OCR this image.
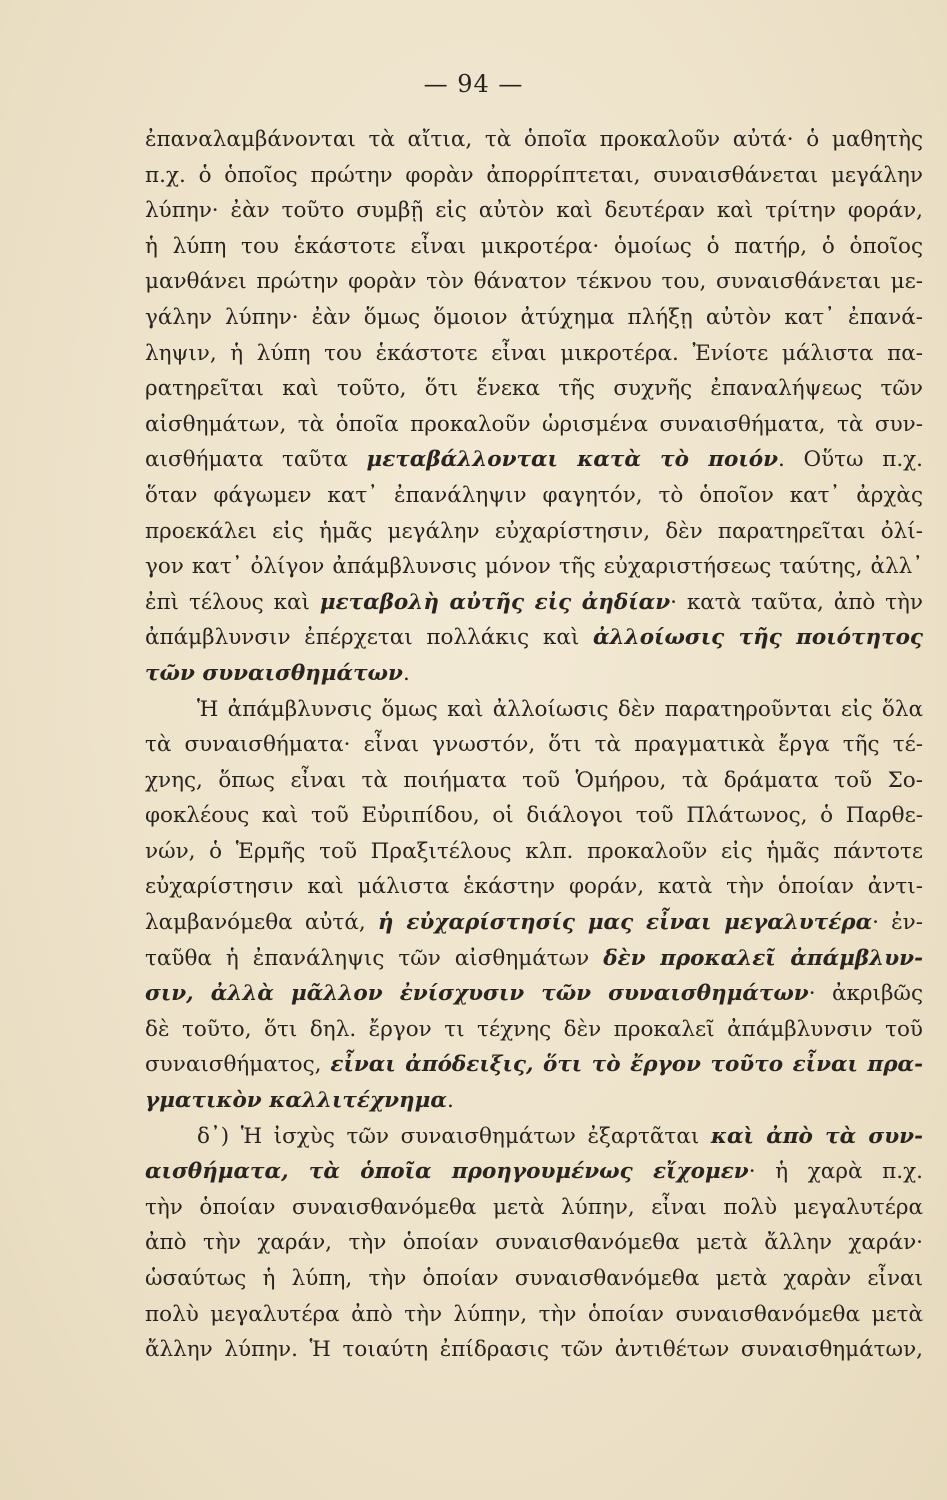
— 94 —
ἐπαναλαμβάνονται τὰ αἴτια, τὰ ὁποῖα προκαλοῦν αὐτά· ὁ μαθητὴς
π.χ. ὁ ὁποῖος πρώτην φορὰν ἀπορρίπτεται, συναισθάνεται μεγάλην
λύπην· ἐὰν τοῦτο συμβῇ εἰς αὐτὸν καὶ δευτέραν καὶ τρίτην φοράν,
ἡ λύπη του ἑκάστοτε εἶναι μικροτέρα· ὁμοίως ὁ πατήρ, ὁ ὁποῖος
μανθάνει πρώτην φορὰν τὸν θάνατον τέκνου του, συναισθάνεται με-
γάλην λύπην· ἐὰν ὅμως ὅμοιον ἀτύχημα πλήξῃ αὐτὸν κατ᾽ ἐπανά-
ληψιν, ἡ λύπη του ἑκάστοτε εἶναι μικροτέρα. Ἐνίοτε μάλιστα πα-
ρατηρεῖται καὶ τοῦτο, ὅτι ἕνεκα τῆς συχνῆς ἐπαναλήψεως τῶν
αἰσθημάτων, τὰ ὁποῖα προκαλοῦν ὡρισμένα συναισθήματα, τὰ συν-
αισθήματα ταῦτα μεταβάλλονται κατὰ τὸ ποιόν. Οὕτω π.χ.
ὅταν φάγωμεν κατ᾽ ἐπανάληψιν φαγητόν, τὸ ὁποῖον κατ᾽ ἀρχὰς
προεκάλει εἰς ἡμᾶς μεγάλην εὐχαρίστησιν, δὲν παρατηρεῖται ὀλί-
γον κατ᾽ ὀλίγον ἀπάμβλυνσις μόνον τῆς εὐχαριστήσεως ταύτης, ἀλλ᾽
ἐπὶ τέλους καὶ μεταβολὴ αὐτῆς εἰς ἀηδίαν· κατὰ ταῦτα, ἀπὸ τὴν
ἀπάμβλυνσιν ἐπέρχεται πολλάκις καὶ ἀλλοίωσις τῆς ποιότητος
τῶν συναισθημάτων.
Ἡ ἀπάμβλυνσις ὅμως καὶ ἀλλοίωσις δὲν παρατηροῦνται εἰς ὅλα
τὰ συναισθήματα· εἶναι γνωστόν, ὅτι τὰ πραγματικὰ ἔργα τῆς τέ-
χνης, ὅπως εἶναι τὰ ποιήματα τοῦ Ὁμήρου, τὰ δράματα τοῦ Σο-
φοκλέους καὶ τοῦ Εὐριπίδου, οἱ διάλογοι τοῦ Πλάτωνος, ὁ Παρθε-
νών, ὁ Ἑρμῆς τοῦ Πραξιτέλους κλπ. προκαλοῦν εἰς ἡμᾶς πάντοτε
εὐχαρίστησιν καὶ μάλιστα ἑκάστην φοράν, κατὰ τὴν ὁποίαν ἀντι-
λαμβανόμεθα αὐτά, ἡ εὐχαρίστησίς μας εἶναι μεγαλυτέρα· ἐν-
ταῦθα ἡ ἐπανάληψις τῶν αἰσθημάτων δὲν προκαλεῖ ἀπάμβλυν-
σιν, ἀλλὰ μᾶλλον ἐνίσχυσιν τῶν συναισθημάτων· ἀκριβῶς
δὲ τοῦτο, ὅτι δηλ. ἔργον τι τέχνης δὲν προκαλεῖ ἀπάμβλυνσιν τοῦ
συναισθήματος, εἶναι ἀπόδειξις, ὅτι τὸ ἔργον τοῦτο εἶναι πρα-
γματικὸν καλλιτέχνημα.
δ᾽) Ἡ ἰσχὺς τῶν συναισθημάτων ἐξαρτᾶται καὶ ἀπὸ τὰ συν-
αισθήματα, τὰ ὁποῖα προηγουμένως εἴχομεν· ἡ χαρὰ π.χ.
τὴν ὁποίαν συναισθανόμεθα μετὰ λύπην, εἶναι πολὺ μεγαλυτέρα
ἀπὸ τὴν χαράν, τὴν ὁποίαν συναισθανόμεθα μετὰ ἄλλην χαράν·
ὡσαύτως ἡ λύπη, τὴν ὁποίαν συναισθανόμεθα μετὰ χαρὰν εἶναι
πολὺ μεγαλυτέρα ἀπὸ τὴν λύπην, τὴν ὁποίαν συναισθανόμεθα μετὰ
ἄλλην λύπην. Ἡ τοιαύτη ἐπίδρασις τῶν ἀντιθέτων συναισθημάτων,
